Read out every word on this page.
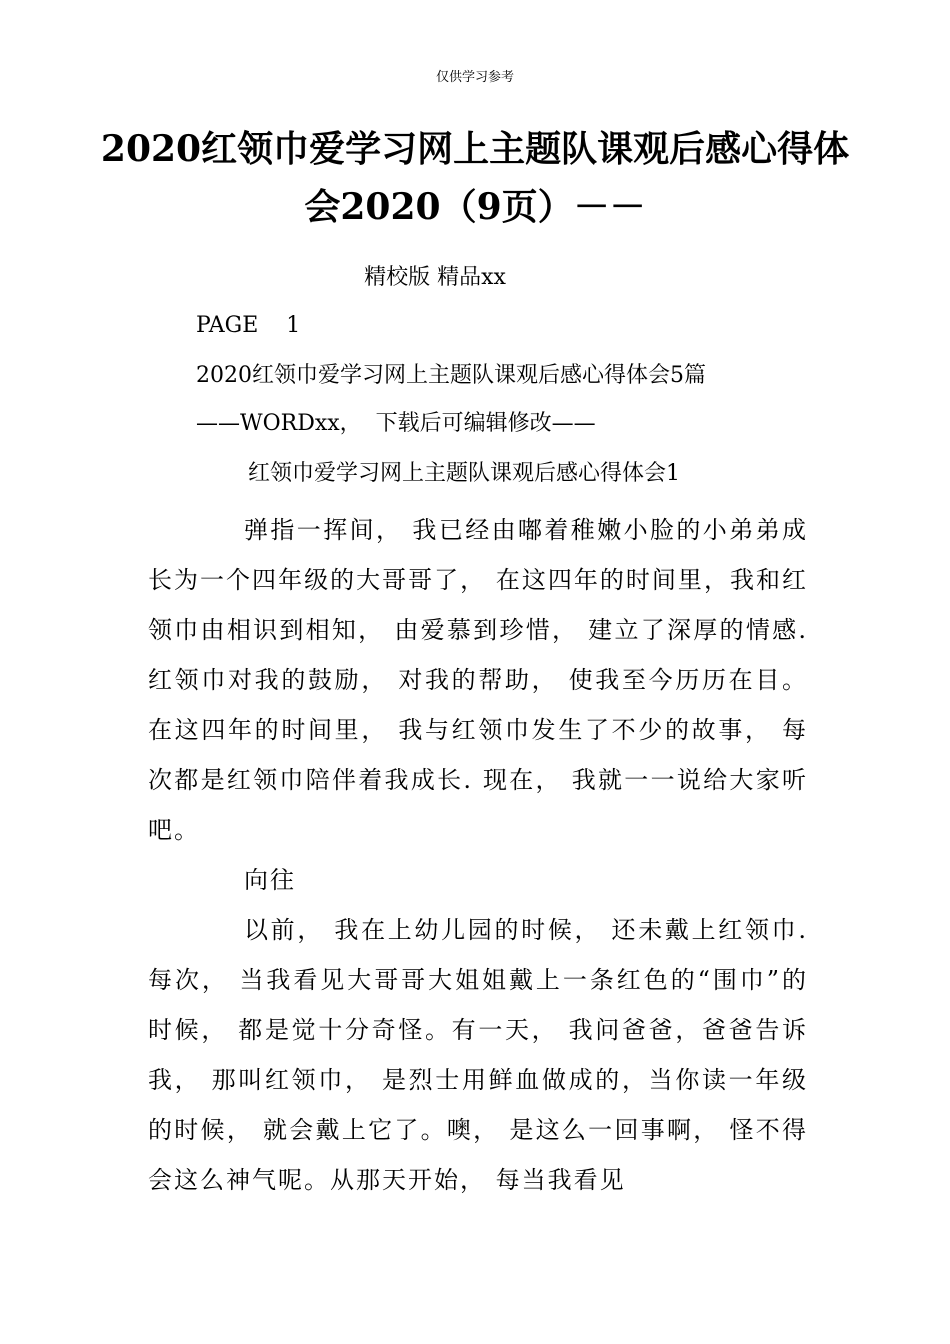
仅供学习参考
2020红领巾爱学习网上主题队课观后感心得体会2020（9页）－－
精校版 精品xx
PAGE    1
2020红领巾爱学习网上主题队课观后感心得体会5篇
——WORDxx，  下载后可编辑修改——
红领巾爱学习网上主题队课观后感心得体会1

弹指一挥间， 我已经由嘟着稚嫩小脸的小弟弟成长为一个四年级的大哥哥了， 在这四年的时间里，我和红领巾由相识到相知， 由爱慕到珍惜， 建立了深厚的情感. 红领巾对我的鼓励， 对我的帮助， 使我至今历历在目。在这四年的时间里， 我与红领巾发生了不少的故事， 每次都是红领巾陪伴着我成长. 现在， 我就一一说给大家听吧。

向往

以前， 我在上幼儿园的时候， 还未戴上红领巾. 每次， 当我看见大哥哥大姐姐戴上一条红色的“围巾”的时候， 都是觉十分奇怪。有一天， 我问爸爸，爸爸告诉我， 那叫红领巾， 是烈士用鲜血做成的，当你读一年级的时候， 就会戴上它了。噢， 是这么一回事啊， 怪不得会这么神气呢。从那天开始， 每当我看见
